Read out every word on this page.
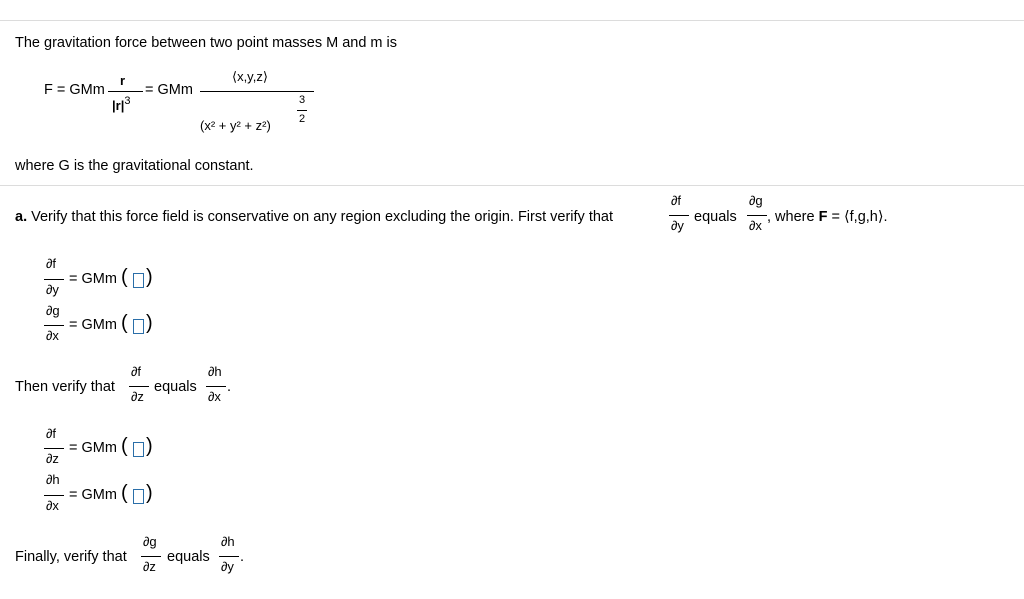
The gravitation force between two point masses M and m is
F = GMm
r
$|r|^3$
= GMm
⟨x,y,z⟩
(x² + y² + z²)
3
2
where G is the gravitational constant.
a. Verify that this force field is conservative on any region excluding the origin. First verify that
∂f
∂y
equals
∂g
∂x
, where F = ⟨f,g,h⟩.
∂f
∂y
= GMm ( )
∂g
∂x
= GMm ( )
Then verify that
∂f
∂z
equals
∂h
∂x
.
∂f
∂z
= GMm ( )
∂h
∂x
= GMm ( )
Finally, verify that
∂g
∂z
equals
∂h
∂y
.
